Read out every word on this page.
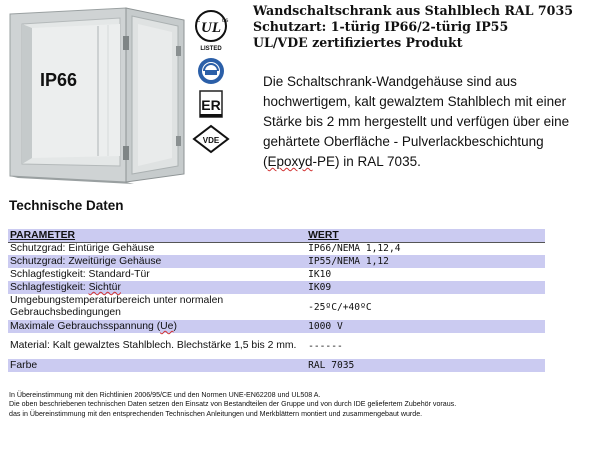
IP66
UL
c	us
LISTED
ER
VDE
Wandschaltschrank aus Stahlblech RAL 7035
Schutzart: 1-türig IP66/2-türig IP55
UL/VDE zertifiziertes Produkt
Die Schaltschrank-Wandgehäuse sind aus hochwertigem, kalt gewalztem Stahlblech mit einer Stärke bis 2 mm hergestellt und verfügen über eine gehärtete Oberfläche - Pulverlackbeschichtung (Epoxyd-PE) in RAL 7035.
Technische Daten
PARAMETER	WERT
Schutzgrad: Eintürige Gehäuse	IP66/NEMA 1,12,4
Schutzgrad: Zweitürige Gehäuse	IP55/NEMA 1,12
Schlagfestigkeit: Standard-Tür	IK10
Schlagfestigkeit: Sichtür	IK09

Umgebungstemperaturbereich unter normalen Gebrauchsbedingungen	-25ºC/+40ºC
Maximale Gebrauchsspannung (Ue)	1000 V

Material: Kalt gewalztes Stahlblech. Blechstärke 1,5 bis 2 mm.	------
Farbe	RAL 7035
In Übereinstimmung mit den Richtlinien 2006/95/CE und den Normen UNE-EN62208 und UL508 A.
Die oben beschriebenen technischen Daten setzen den Einsatz von Bestandteilen der Gruppe und von durch IDE geliefertem Zubehör voraus.
das in Übereinstimmung mit den entsprechenden Technischen Anleitungen und Merkblättern montiert und zusammengebaut wurde.
